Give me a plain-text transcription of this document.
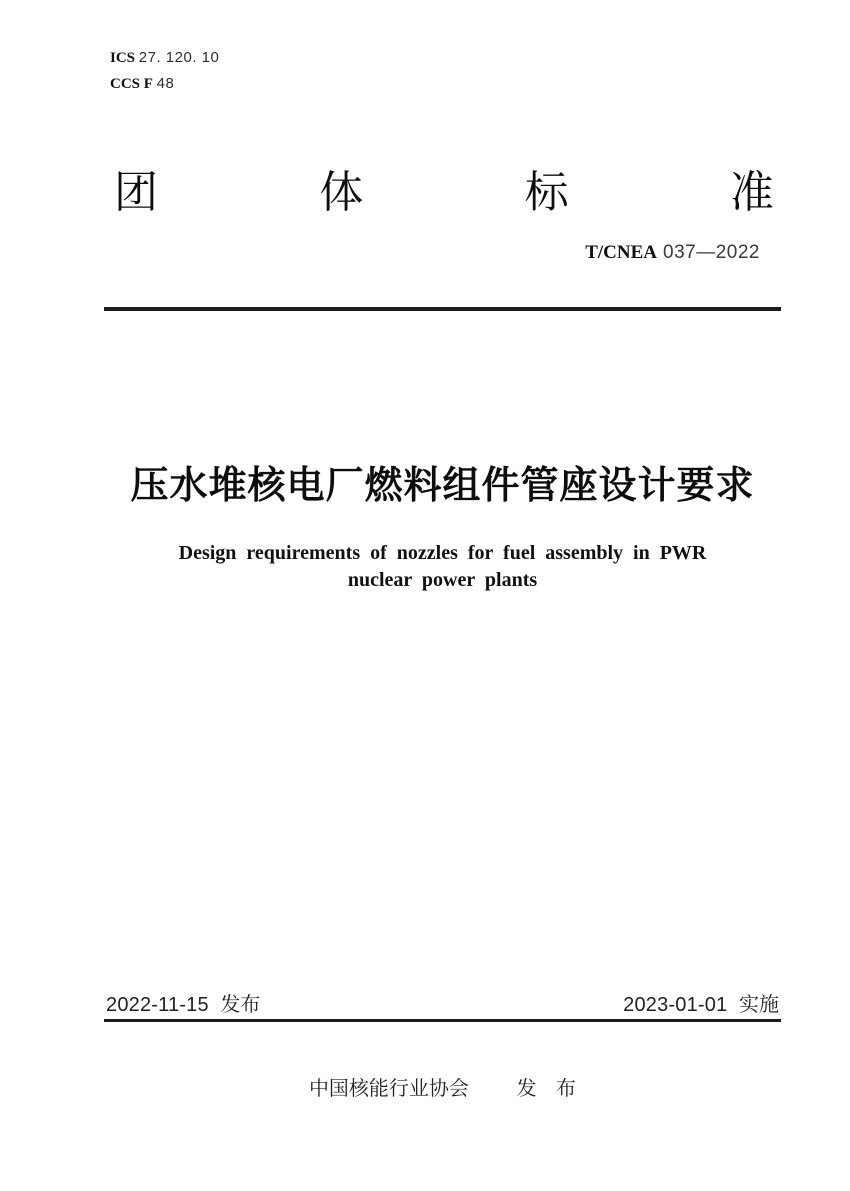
ICS 27. 120. 10
CCS F 48
团	体	标	准
T/CNEA 037—2022
压水堆核电厂燃料组件管座设计要求
Design requirements of nozzles for fuel assembly in PWR
nuclear power plants
2022-11-15 发布	2023-01-01 实施
中国核能行业协会 发 布
